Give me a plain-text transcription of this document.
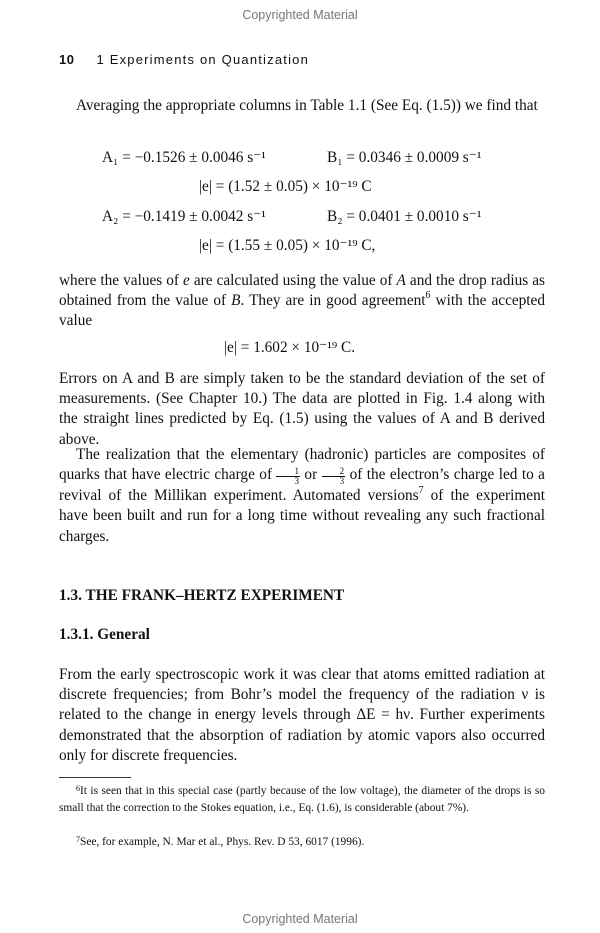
Copyrighted Material
10 1 Experiments on Quantization
Averaging the appropriate columns in Table 1.1 (See Eq. (1.5)) we find that
A₁ = −0.1526 ± 0.0046 s⁻¹	B₁ = 0.0346 ± 0.0009 s⁻¹
|e| = (1.52 ± 0.05) × 10⁻¹⁹ C
A₂ = −0.1419 ± 0.0042 s⁻¹	B₂ = 0.0401 ± 0.0010 s⁻¹
|e| = (1.55 ± 0.05) × 10⁻¹⁹ C,
where the values of e are calculated using the value of A and the drop radius as obtained from the value of B. They are in good agreement$^6$ with the accepted value
|e| = 1.602 × 10⁻¹⁹ C.
Errors on A and B are simply taken to be the standard deviation of the set of measurements. (See Chapter 10.) The data are plotted in Fig. 1.4 along with the straight lines predicted by Eq. (1.5) using the values of A and B derived above.
The realization that the elementary (hadronic) particles are composites of quarks that have electric charge of $\frac{1}{3}$ or $\frac{2}{3}$ of the electron’s charge led to a revival of the Millikan experiment. Automated versions$^7$ of the experiment have been built and run for a long time without revealing any such fractional charges.
1.3. THE FRANK–HERTZ EXPERIMENT
1.3.1. General
From the early spectroscopic work it was clear that atoms emitted radiation at discrete frequencies; from Bohr’s model the frequency of the radiation ν is related to the change in energy levels through ΔE = hν. Further experiments demonstrated that the absorption of radiation by atomic vapors also occurred only for discrete frequencies.
$^6$It is seen that in this special case (partly because of the low voltage), the diameter of the drops is so small that the correction to the Stokes equation, i.e., Eq. (1.6), is considerable (about 7%).
$^7$See, for example, N. Mar et al., Phys. Rev. D 53, 6017 (1996).
Copyrighted Material
